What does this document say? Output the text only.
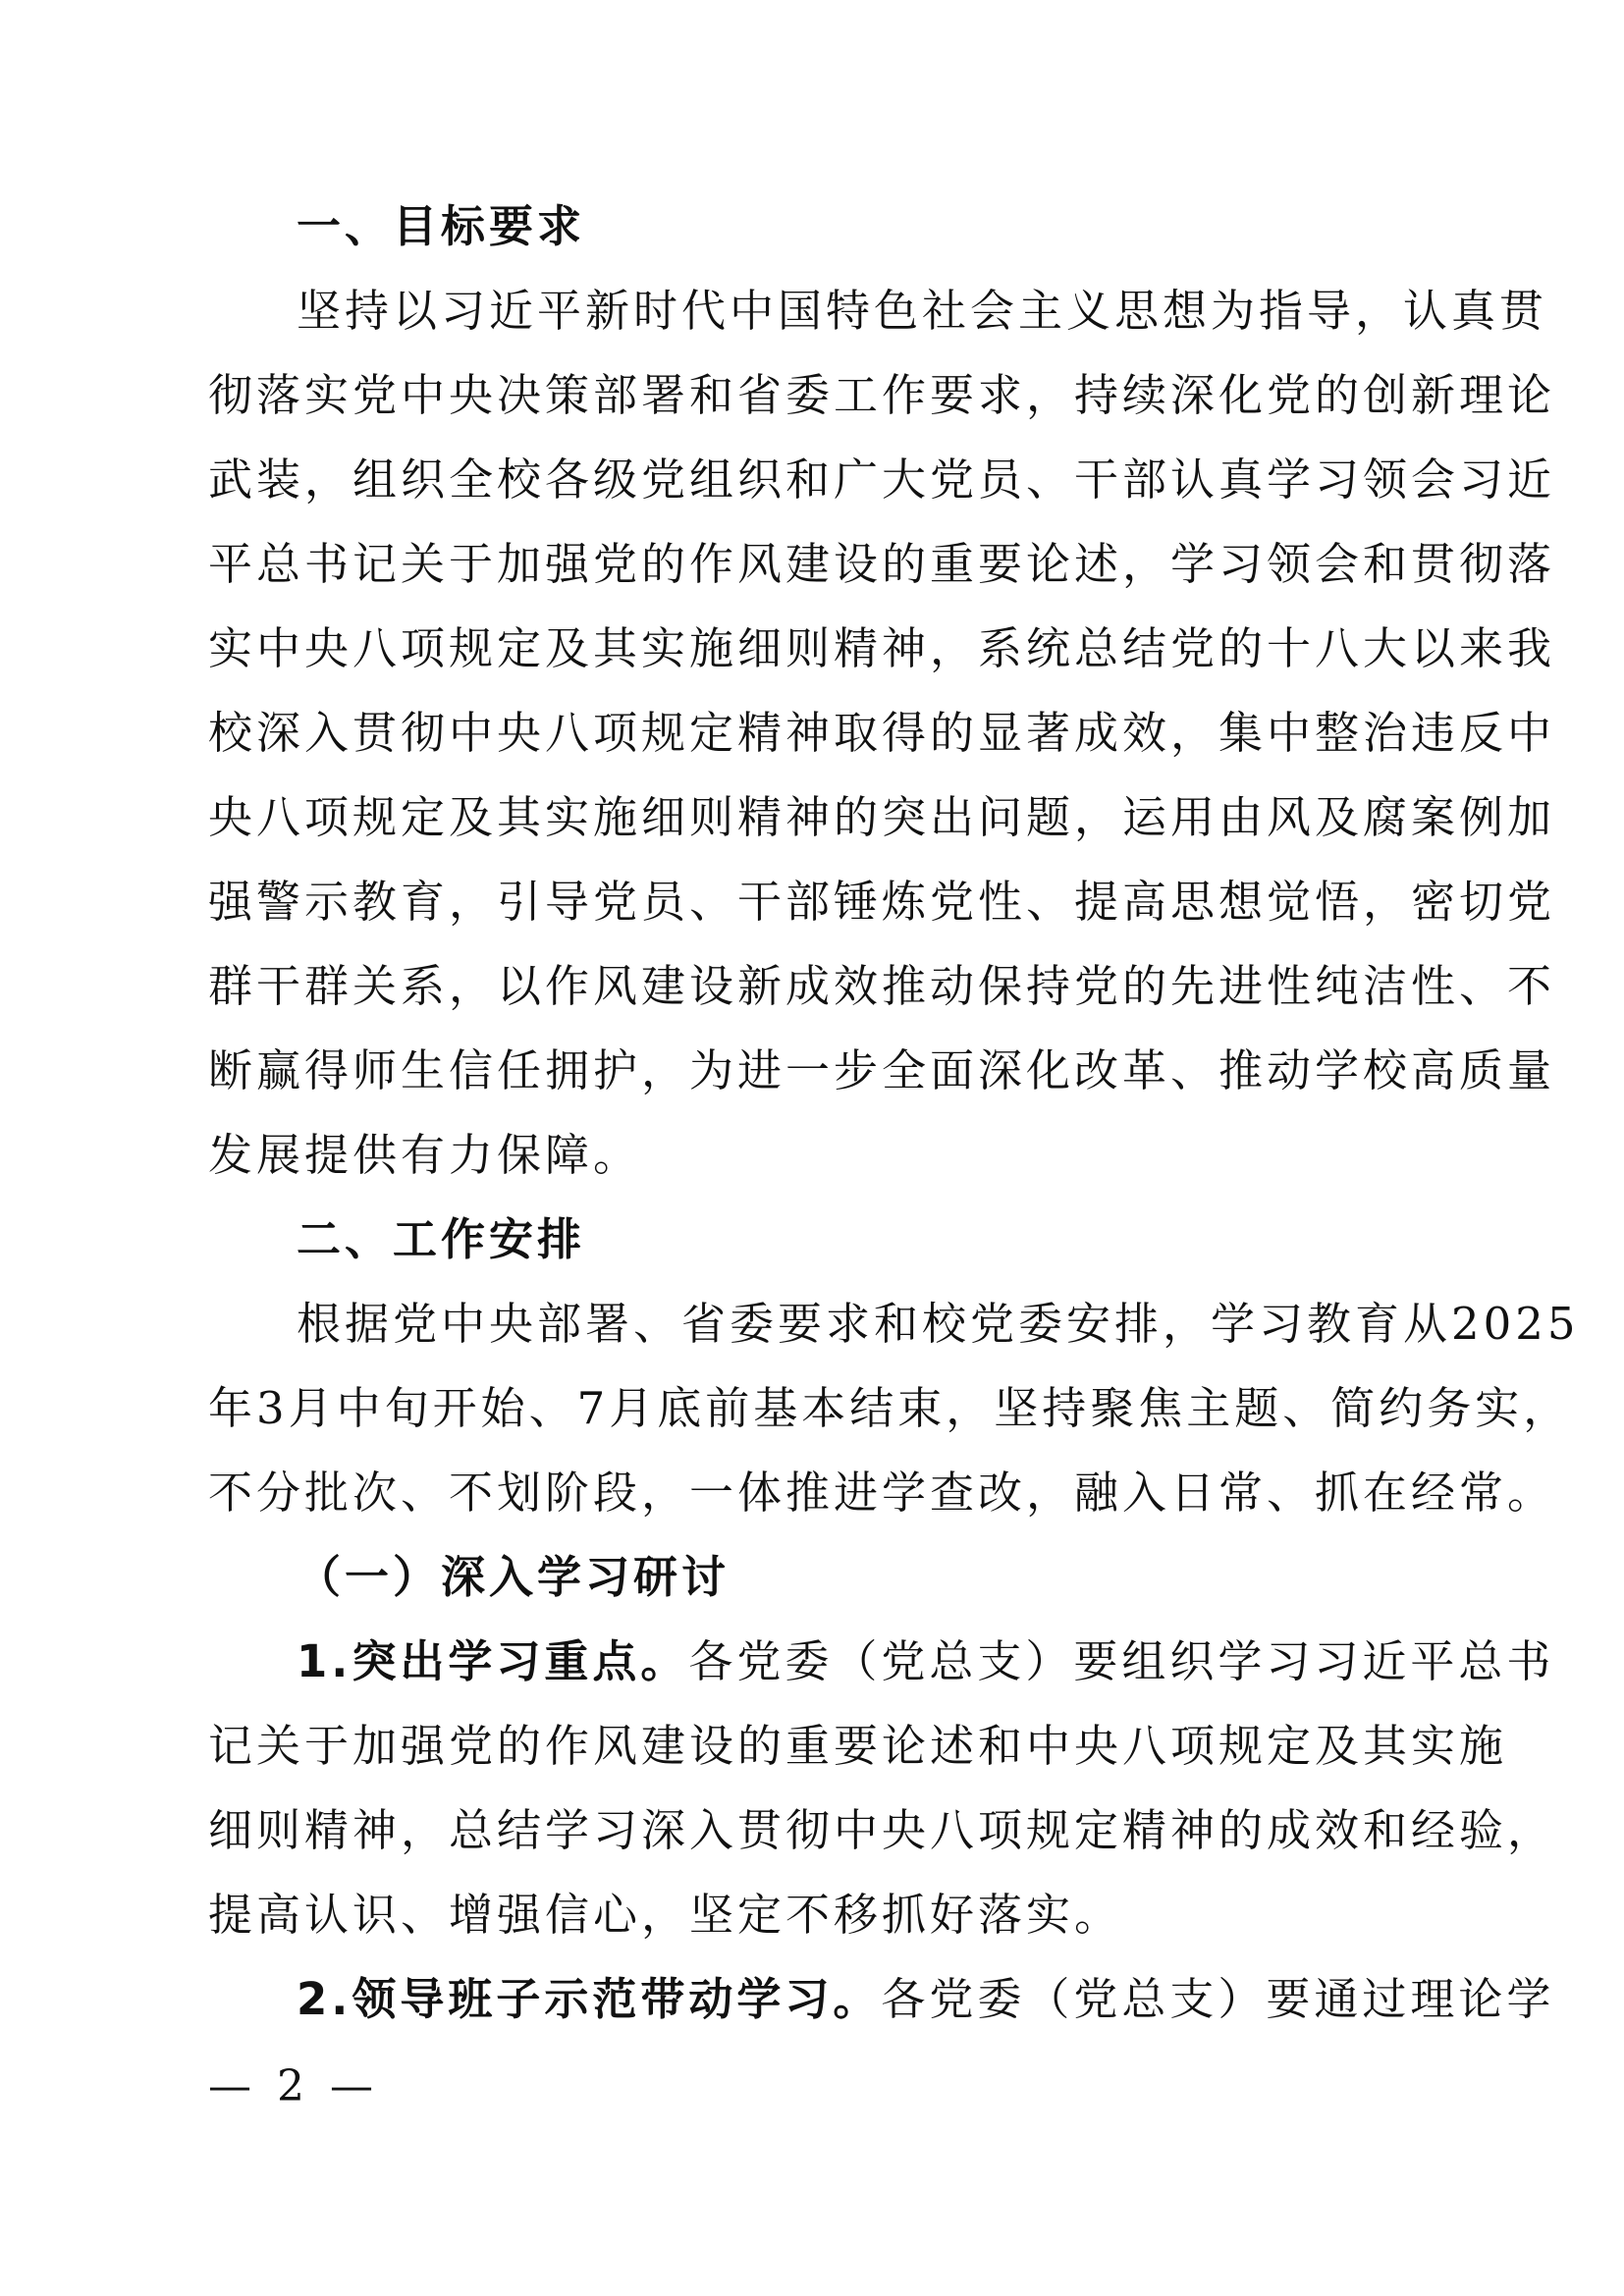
一、目标要求
坚持以习近平新时代中国特色社会主义思想为指导，认真贯
彻落实党中央决策部署和省委工作要求，持续深化党的创新理论
武装，组织全校各级党组织和广大党员、干部认真学习领会习近
平总书记关于加强党的作风建设的重要论述，学习领会和贯彻落
实中央八项规定及其实施细则精神，系统总结党的十八大以来我
校深入贯彻中央八项规定精神取得的显著成效，集中整治违反中
央八项规定及其实施细则精神的突出问题，运用由风及腐案例加
强警示教育，引导党员、干部锤炼党性、提高思想觉悟，密切党
群干群关系，以作风建设新成效推动保持党的先进性纯洁性、不
断赢得师生信任拥护，为进一步全面深化改革、推动学校高质量
发展提供有力保障。
二、工作安排
根据党中央部署、省委要求和校党委安排，学习教育从2025
年3月中旬开始、7月底前基本结束，坚持聚焦主题、简约务实，
不分批次、不划阶段，一体推进学查改，融入日常、抓在经常。
（一）深入学习研讨
1.突出学习重点。各党委（党总支）要组织学习习近平总书
记关于加强党的作风建设的重要论述和中央八项规定及其实施
细则精神，总结学习深入贯彻中央八项规定精神的成效和经验，
提高认识、增强信心，坚定不移抓好落实。
2.领导班子示范带动学习。各党委（党总支）要通过理论学
— 2 —
